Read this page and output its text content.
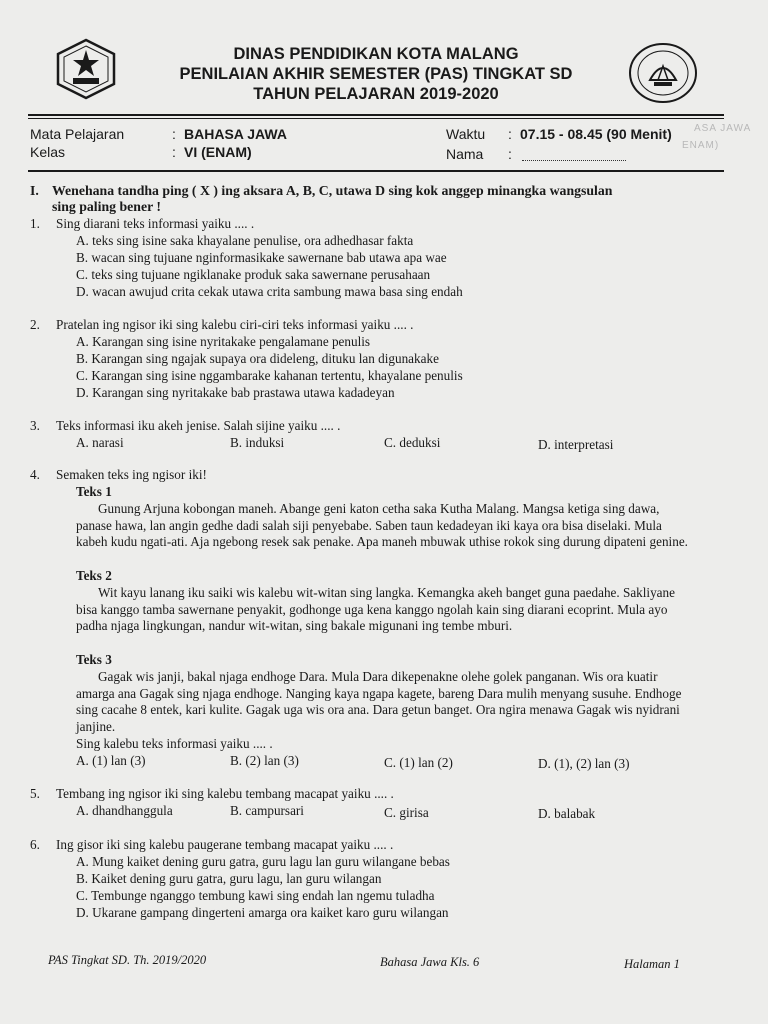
DINAS PENDIDIKAN KOTA MALANG
PENILAIAN AKHIR SEMESTER (PAS) TINGKAT SD
TAHUN PELAJARAN 2019-2020
Mata Pelajaran	: BAHASA JAWA
Kelas	: VI (ENAM)
Waktu : 07.15 - 08.45 (90 Menit)
Nama :
ASA JAWA
ENAM)
I. Wenehana tandha ping ( X ) ing aksara A, B, C, utawa D sing kok anggep minangka wangsulan
sing paling bener !
1. Sing diarani teks informasi yaiku .... .
A. teks sing isine saka khayalane penulise, ora adhedhasar fakta
B. wacan sing tujuane nginformasikake sawernane bab utawa apa wae
C. teks sing tujuane ngiklanake produk saka sawernane perusahaan
D. wacan awujud crita cekak utawa crita sambung mawa basa sing endah
2. Pratelan ing ngisor iki sing kalebu ciri-ciri teks informasi yaiku .... .
A. Karangan sing isine nyritakake pengalamane penulis
B. Karangan sing ngajak supaya ora dideleng, dituku lan digunakake
C. Karangan sing isine nggambarake kahanan tertentu, khayalane penulis
D. Karangan sing nyritakake bab prastawa utawa kadadeyan
3. Teks informasi iku akeh jenise. Salah sijine yaiku .... .
A. narasi	B. induksi	C. deduksi	D. interpretasi
4. Semaken teks ing ngisor iki!
Teks 1
Gunung Arjuna kobongan maneh. Abange geni katon cetha saka Kutha Malang. Mangsa ketiga sing dawa, panase hawa, lan angin gedhe dadi salah siji penyebabe. Saben taun kedadeyan iki kaya ora bisa diselaki. Mula kabeh kudu ngati-ati. Aja ngebong resek sak penake. Apa maneh mbuwak uthise rokok sing durung dipateni genine.
Teks 2
Wit kayu lanang iku saiki wis kalebu wit-witan sing langka. Kemangka akeh banget guna paedahe. Sakliyane bisa kanggo tamba sawernane penyakit, godhonge uga kena kanggo ngolah kain sing diarani ecoprint. Mula ayo padha njaga lingkungan, nandur wit-witan, sing bakale migunani ing tembe mburi.
Teks 3
Gagak wis janji, bakal njaga endhoge Dara. Mula Dara dikepenakne olehe golek panganan. Wis ora kuatir amarga ana Gagak sing njaga endhoge. Nanging kaya ngapa kagete, bareng Dara mulih menyang susuhe. Endhoge sing cacahe 8 entek, kari kulite. Gagak uga wis ora ana. Dara getun banget. Ora ngira menawa Gagak wis nyidrani janjine.
Sing kalebu teks informasi yaiku .... .
A. (1) lan (3)	B. (2) lan (3)	C. (1) lan (2)	D. (1), (2) lan (3)
5. Tembang ing ngisor iki sing kalebu tembang macapat yaiku .... .
A. dhandhanggula	B. campursari	C. girisa	D. balabak
6. Ing gisor iki sing kalebu paugerane tembang macapat yaiku .... .
A. Mung kaiket dening guru gatra, guru lagu lan guru wilangane bebas
B. Kaiket dening guru gatra, guru lagu, lan guru wilangan
C. Tembunge nganggo tembung kawi sing endah lan ngemu tuladha
D. Ukarane gampang dingerteni amarga ora kaiket karo guru wilangan
PAS Tingkat SD. Th. 2019/2020	Bahasa Jawa Kls. 6	Halaman 1
